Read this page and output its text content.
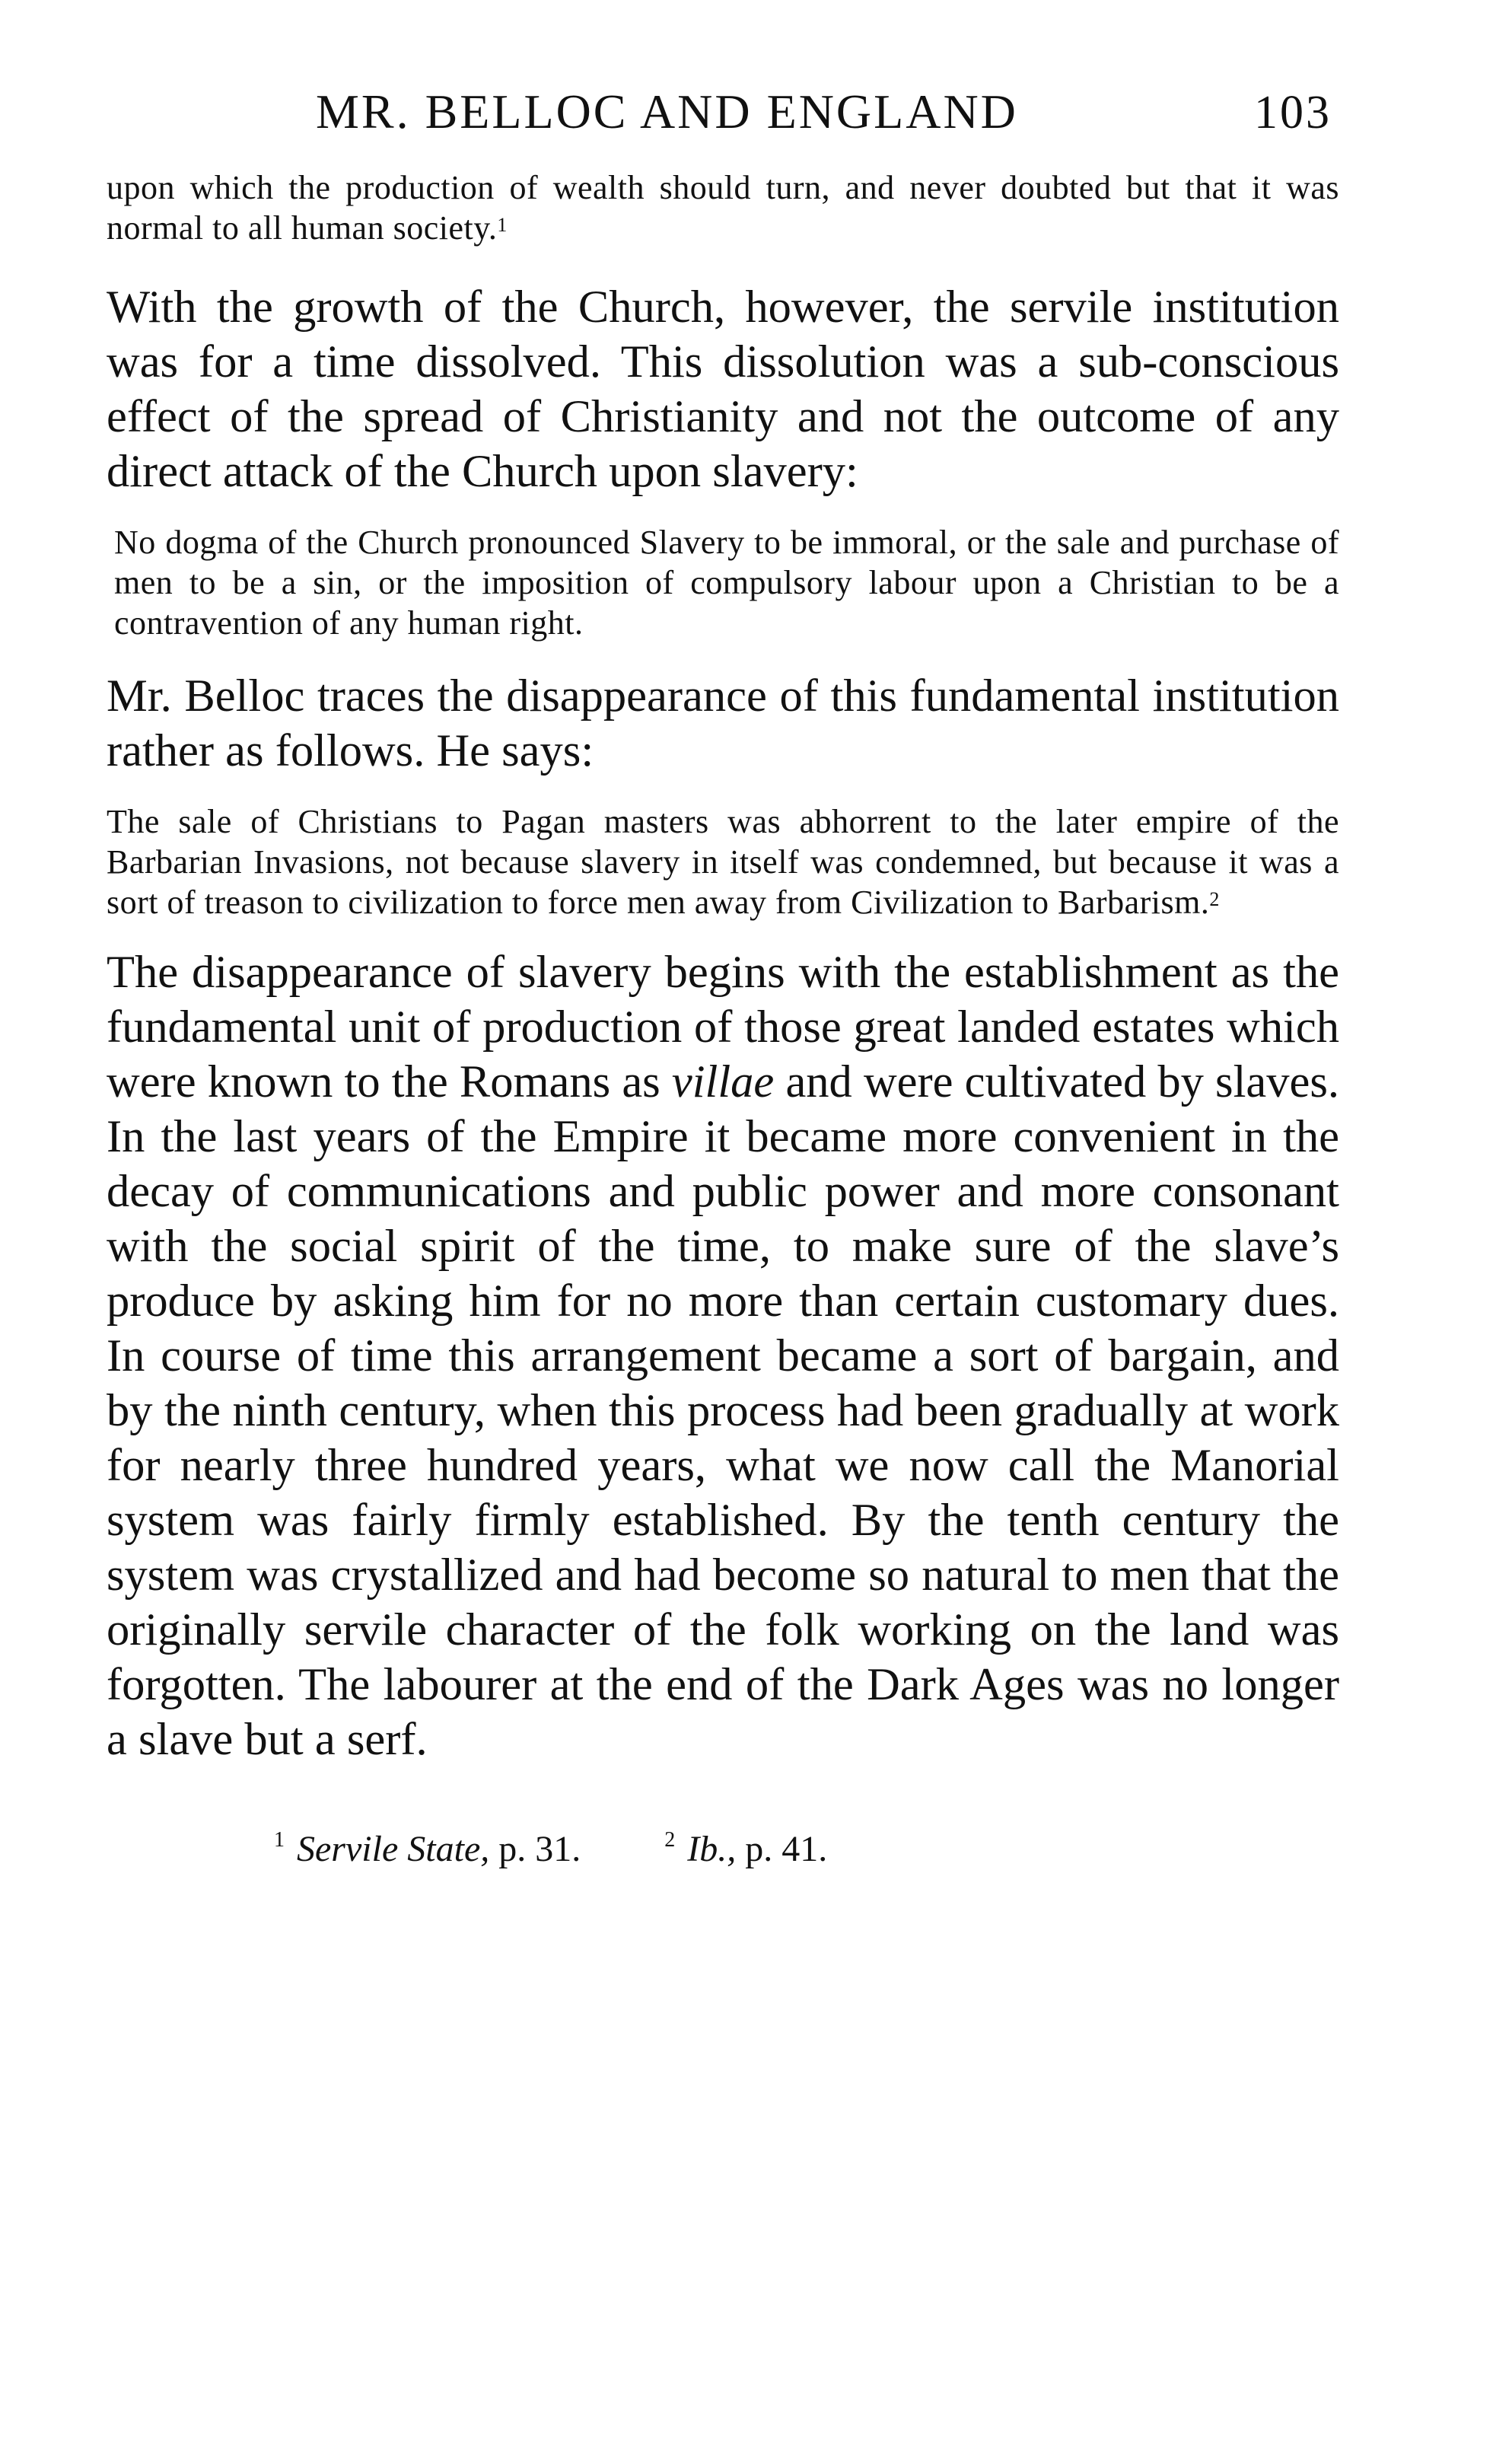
MR. BELLOC AND ENGLAND	103

upon which the production of wealth should turn, and never doubted but that it was normal to all human society.$^1$

With the growth of the Church, however, the servile institution was for a time dissolved. This dissolution was a sub-conscious effect of the spread of Christianity and not the outcome of any direct attack of the Church upon slavery:

No dogma of the Church pronounced Slavery to be immoral, or the sale and purchase of men to be a sin, or the imposition of compulsory labour upon a Christian to be a contravention of any human right.

Mr. Belloc traces the disappearance of this fundamental institution rather as follows. He says:

The sale of Christians to Pagan masters was abhorrent to the later empire of the Barbarian Invasions, not because slavery in itself was condemned, but because it was a sort of treason to civilization to force men away from Civilization to Barbarism.$^2$

The disappearance of slavery begins with the establishment as the fundamental unit of production of those great landed estates which were known to the Romans as villae and were cultivated by slaves. In the last years of the Empire it became more convenient in the decay of communications and public power and more consonant with the social spirit of the time, to make sure of the slave’s produce by asking him for no more than certain customary dues. In course of time this arrangement became a sort of bargain, and by the ninth century, when this process had been gradually at work for nearly three hundred years, what we now call the Manorial system was fairly firmly established. By the tenth century the system was crystallized and had become so natural to men that the originally servile character of the folk working on the land was forgotten. The labourer at the end of the Dark Ages was no longer a slave but a serf.

$^1$ Servile State, p. 31.	$^2$ Ib., p. 41.
